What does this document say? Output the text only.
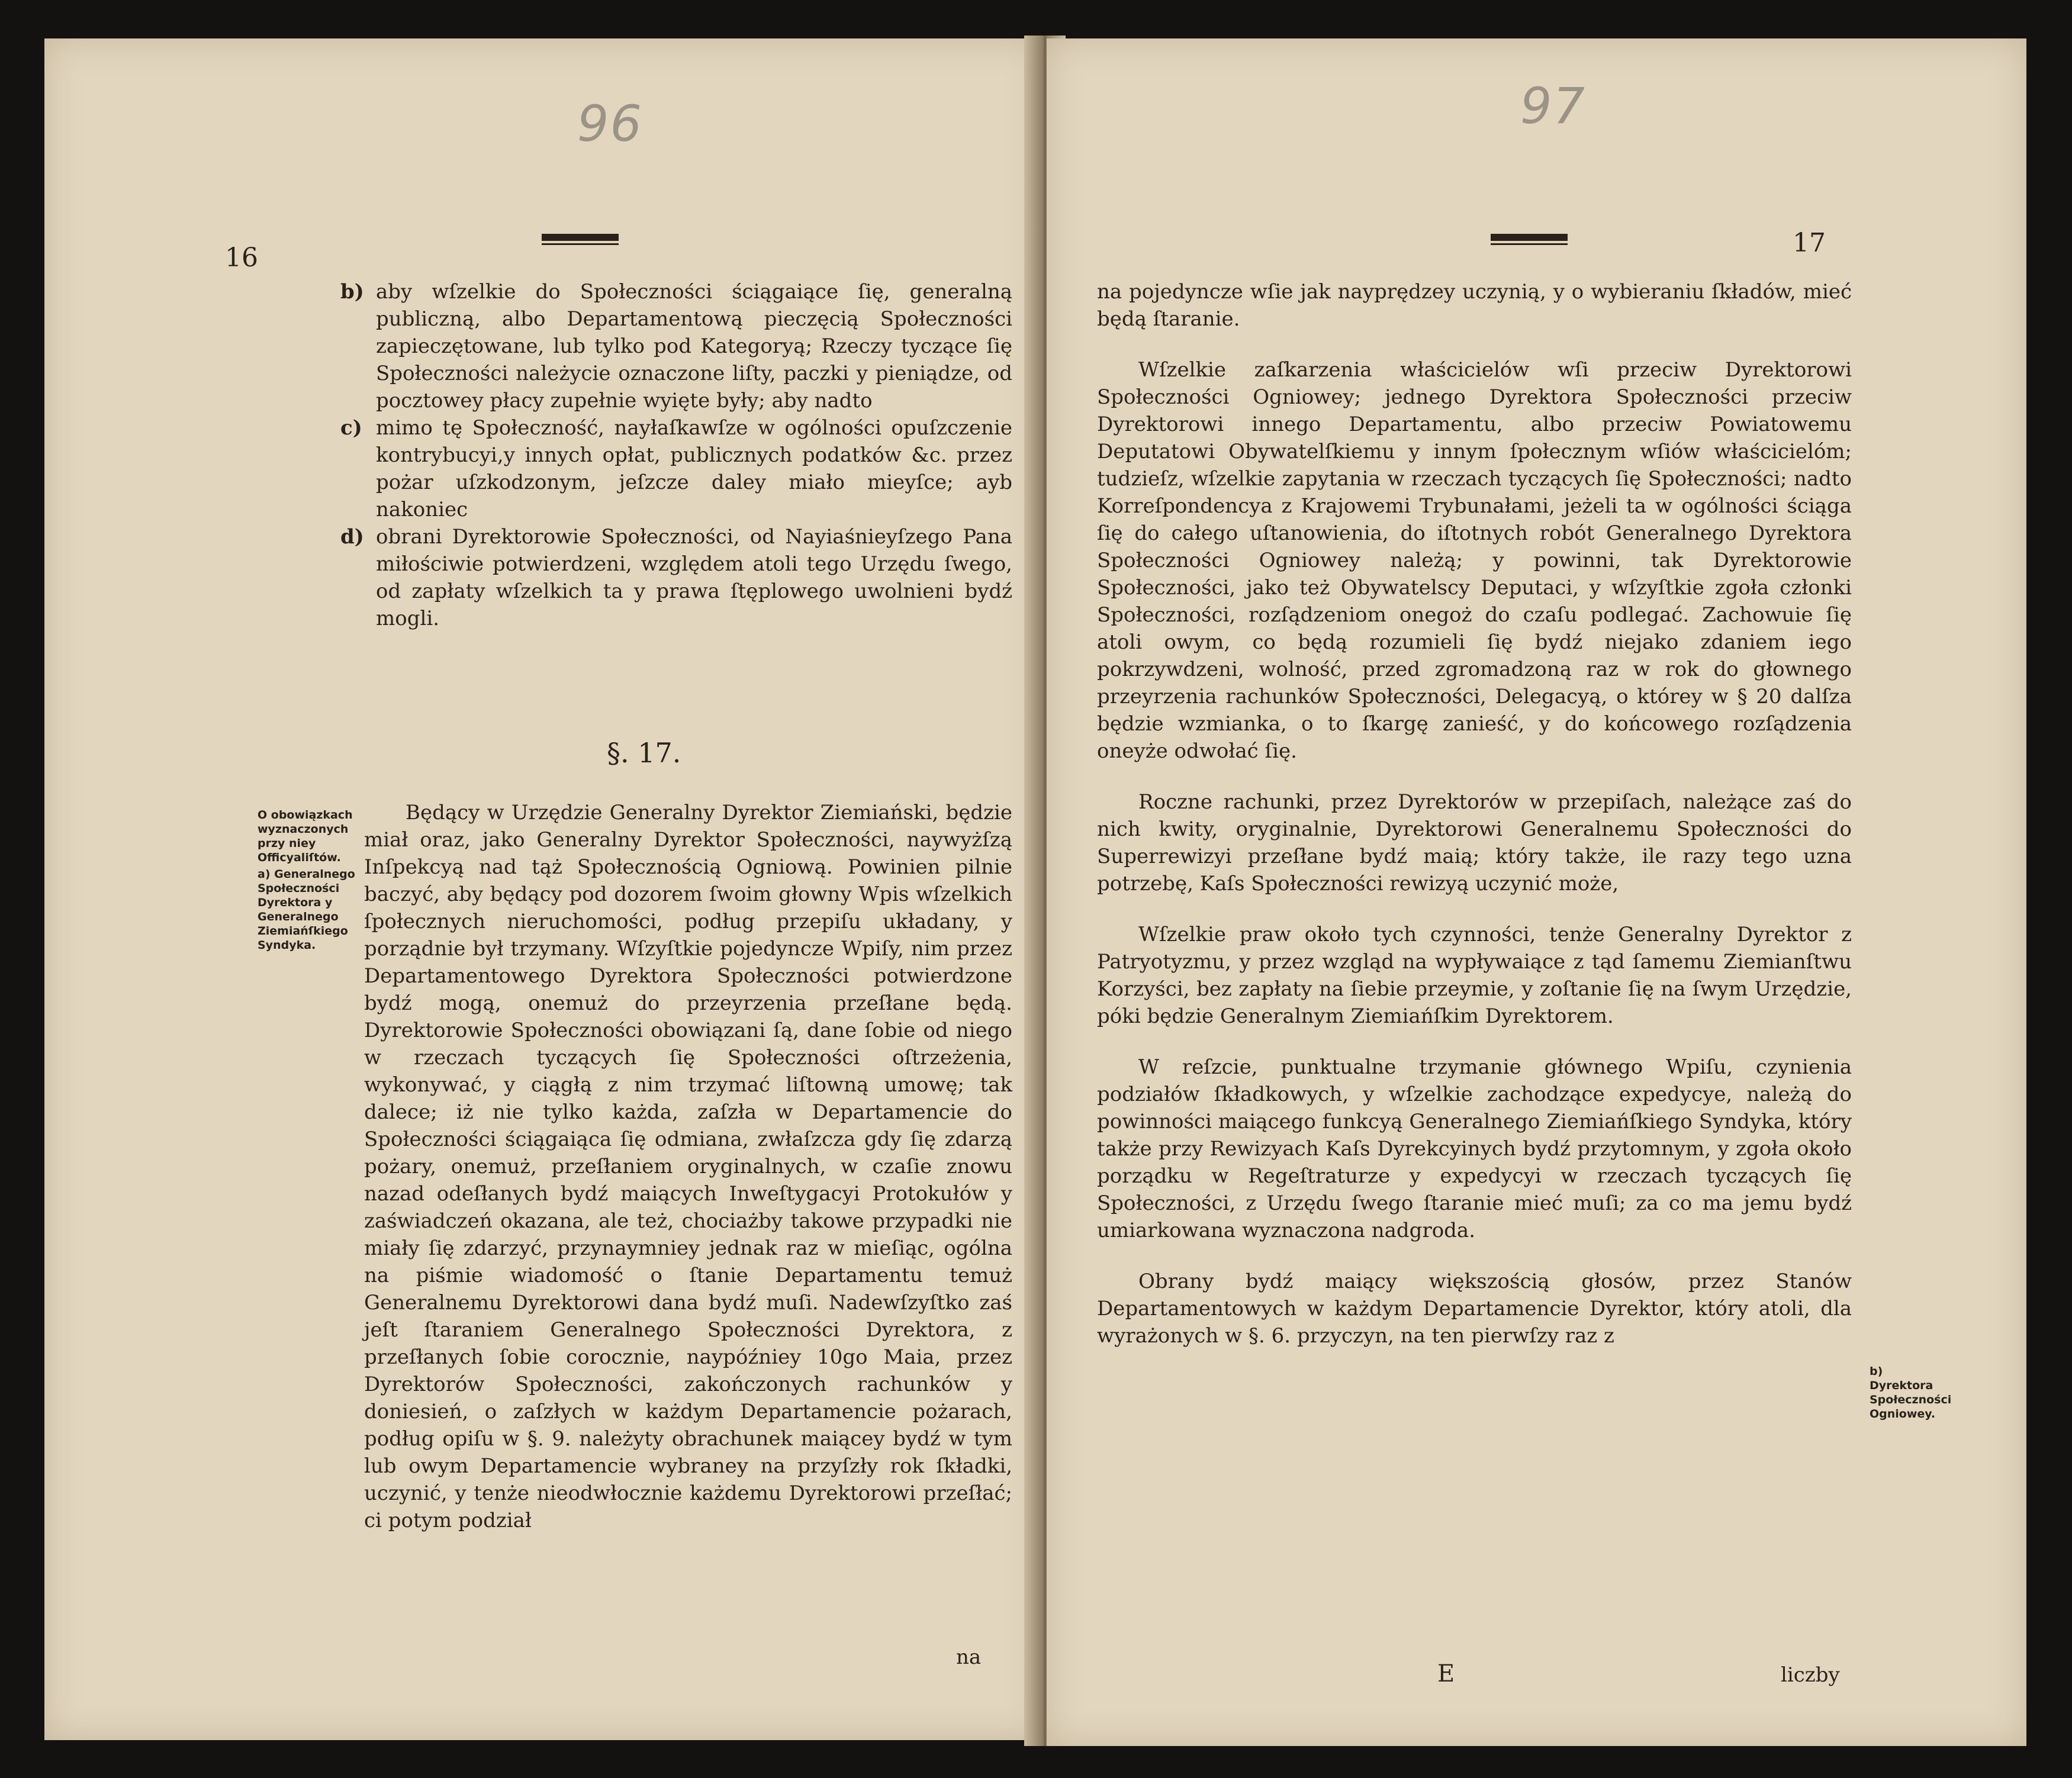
96
16
b) aby wſzelkie do Społeczności ściągaiące ſię, generalną publiczną, albo Departamentową pieczęcią Społeczności zapieczętowane, lub tylko pod Kategoryą; Rzeczy tyczące ſię Społeczności należycie oznaczone liſty, paczki y pieniądze, od pocztowey płacy zupełnie wyięte były; aby nadto
c) mimo tę Społeczność, nayłaſkawſze w ogólności opuſzczenie kontrybucyi,y innych opłat, publicznych podatków &c. przez pożar uſzkodzonym, jeſzcze daley miało mieyſce; ayb nakoniec
d) obrani Dyrektorowie Społeczności, od Nayiaśnieyſzego Pana miłościwie potwierdzeni, względem atoli tego Urzędu ſwego, od zapłaty wſzelkich ta y prawa ſtęplowego uwolnieni bydź mogli.
§. 17.

O obowiązkach wyznaczonych przy niey Officyaliſtów.

a) Generalnego Społeczności Dyrektora y Generalnego Ziemiańſkiego Syndyka.

Będący w Urzędzie Generalny Dyrektor Ziemiański, będzie miał oraz, jako Generalny Dyrektor Społeczności, naywyżſzą Inſpekcyą nad tąż Społecznością Ogniową. Powinien pilnie baczyć, aby będący pod dozorem ſwoim głowny Wpis wſzelkich ſpołecznych nieruchomości, podług przepiſu układany, y porządnie był trzymany. Wſzyſtkie pojedyncze Wpiſy, nim przez Departamentowego Dyrektora Społeczności potwierdzone bydź mogą, onemuż do przeyrzenia przeſłane będą. Dyrektorowie Społeczności obowiązani ſą, dane ſobie od niego w rzeczach tyczących ſię Społeczności oſtrzeżenia, wykonywać, y ciągłą z nim trzymać liſtowną umowę; tak dalece; iż nie tylko każda, zaſzła w Departamencie do Społeczności ściągaiąca ſię odmiana, zwłaſzcza gdy ſię zdarzą pożary, onemuż, przeſłaniem oryginalnych, w czaſie znowu nazad odeſłanych bydź maiących Inweſtygacyi Protokułów y zaświadczeń okazana, ale też, chociażby takowe przypadki nie miały ſię zdarzyć, przynaymniey jednak raz w mieſiąc, ogólna na piśmie wiadomość o ſtanie Departamentu temuż Generalnemu Dyrektorowi dana bydź muſi. Nadewſzyſtko zaś jeſt ſtaraniem Generalnego Społeczności Dyrektora, z przeſłanych ſobie corocznie, naypóźniey 10go Maia, przez Dyrektorów Społeczności, zakończonych rachunków y doniesień, o zaſzłych w każdym Departamencie pożarach, podług opiſu w §. 9. należyty obrachunek maiącey bydź w tym lub owym Departamencie wybraney na przyſzły rok ſkładki, uczynić, y tenże nieodwłocznie każdemu Dyrektorowi przeſłać; ci potym podział

na
97
17

na pojedyncze wſie jak nayprędzey uczynią, y o wybieraniu ſkładów, mieć będą ſtaranie.

Wſzelkie zaſkarzenia właścicielów wſi przeciw Dyrektorowi Społeczności Ogniowey; jednego Dyrektora Społeczności przeciw Dyrektorowi innego Departamentu, albo przeciw Powiatowemu Deputatowi Obywatelſkiemu y innym ſpołecznym wſiów właścicielóm; tudzieſz, wſzelkie zapytania w rzeczach tyczących ſię Społeczności; nadto Korreſpondencya z Krajowemi Trybunałami, jeżeli ta w ogólności ściąga ſię do całego uſtanowienia, do iſtotnych robót Generalnego Dyrektora Społeczności Ogniowey należą; y powinni, tak Dyrektorowie Społeczności, jako też Obywatelscy Deputaci, y wſzyſtkie zgoła członki Społeczności, rozſądzeniom onegoż do czaſu podlegać. Zachowuie ſię atoli owym, co będą rozumieli ſię bydź niejako zdaniem iego pokrzywdzeni, wolność, przed zgromadzoną raz w rok do głownego przeyrzenia rachunków Społeczności, Delegacyą, o którey w § 20 dalſza będzie wzmianka, o to ſkargę zanieść, y do końcowego rozſądzenia oneyże odwołać ſię.

Roczne rachunki, przez Dyrektorów w przepiſach, należące zaś do nich kwity, oryginalnie, Dyrektorowi Generalnemu Społeczności do Superrewizyi przeſłane bydź maią; który także, ile razy tego uzna potrzebę, Kaſs Społeczności rewizyą uczynić może,

Wſzelkie praw około tych czynności, tenże Generalny Dyrektor z Patryotyzmu, y przez wzgląd na wypływaiące z tąd ſamemu Ziemianſtwu Korzyści, bez zapłaty na ſiebie przeymie, y zoſtanie ſię na ſwym Urzędzie, póki będzie Generalnym Ziemiańſkim Dyrektorem.

W reſzcie, punktualne trzymanie głównego Wpiſu, czynienia podziałów ſkładkowych, y wſzelkie zachodzące expedycye, należą do powinności maiącego funkcyą Generalnego Ziemiańſkiego Syndyka, który także przy Rewizyach Kaſs Dyrekcyinych bydź przytomnym, y zgoła około porządku w Regeſtraturze y expedycyi w rzeczach tyczących ſię Społeczności, z Urzędu ſwego ſtaranie mieć muſi; za co ma jemu bydź umiarkowana wyznaczona nadgroda.

Obrany bydź maiący większością głosów, przez Stanów Departamentowych w każdym Departamencie Dyrektor, który atoli, dla wyrażonych w §. 6. przyczyn, na ten pierwſzy raz z

b) Dyrektora Społeczności Ogniowey.

E	liczby
